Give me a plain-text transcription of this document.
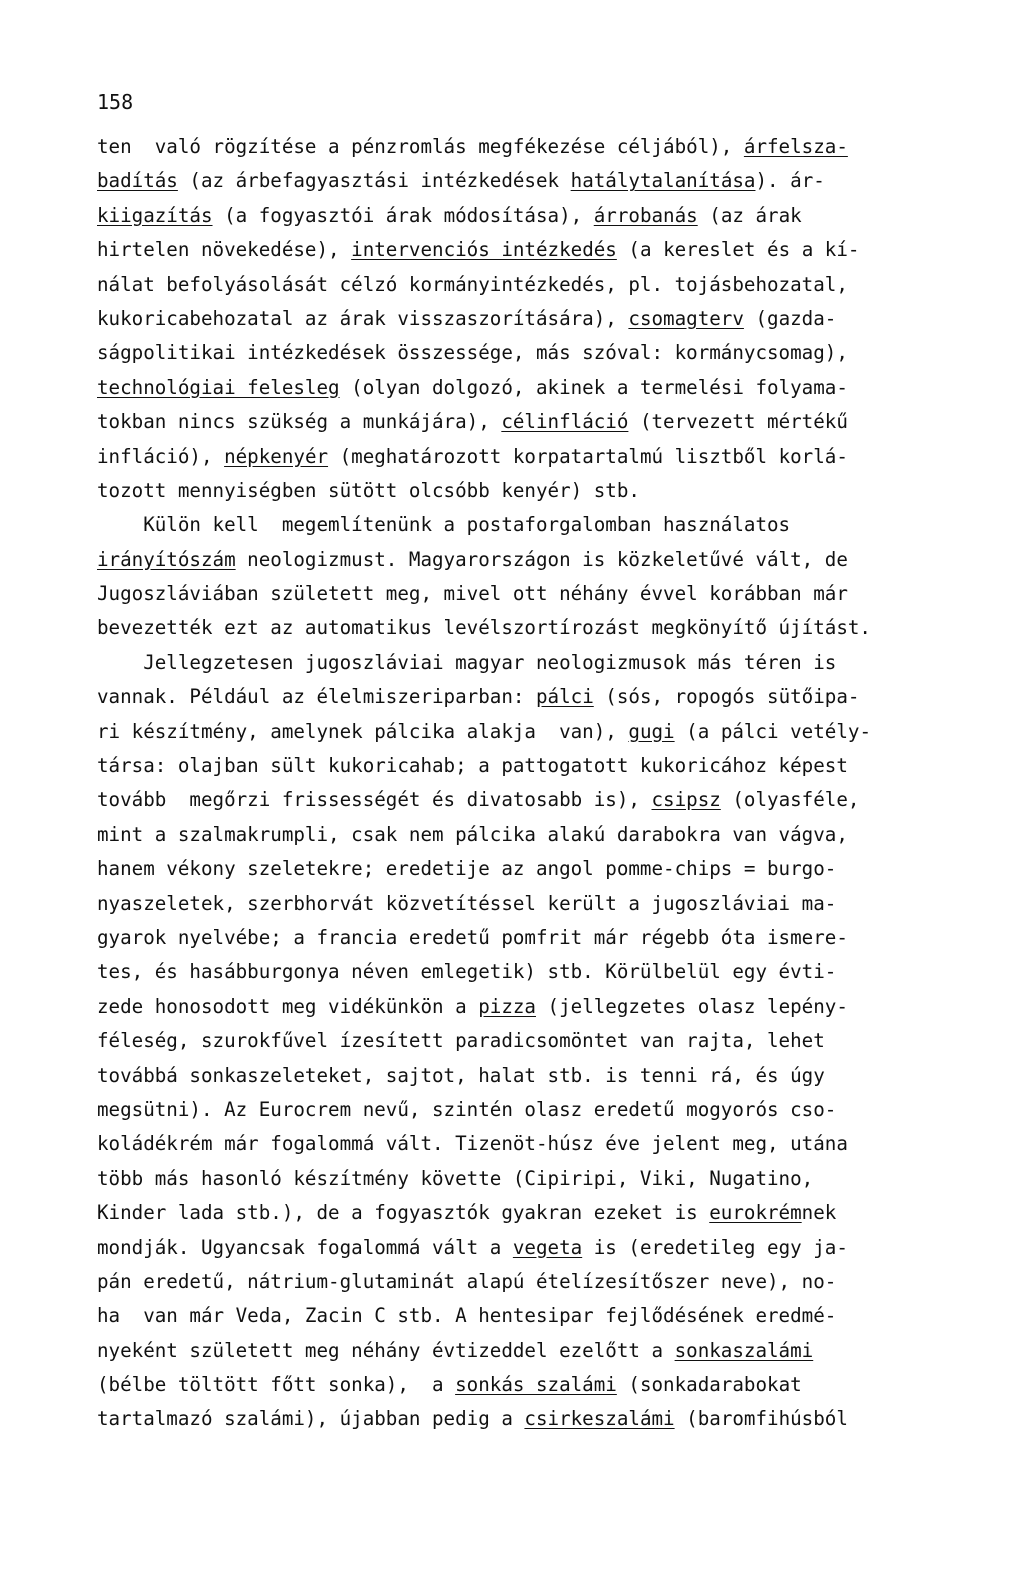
158
ten  való rögzítése a pénzromlás megfékezése céljából), árfelsza-
badítás (az árbefagyasztási intézkedések hatálytalanítása). ár-
kiigazítás (a fogyasztói árak módosítása), árrobanás (az árak
hirtelen növekedése), intervenciós intézkedés (a kereslet és a kí-
nálat befolyásolását célzó kormányintézkedés, pl. tojásbehozatal,
kukoricabehozatal az árak visszaszorítására), csomagterv (gazda-
ságpolitikai intézkedések összessége, más szóval: kormánycsomag),
technológiai felesleg (olyan dolgozó, akinek a termelési folyama-
tokban nincs szükség a munkájára), célinfláció (tervezett mértékű
infláció), népkenyér (meghatározott korpatartalmú lisztből korlá-
tozott mennyiségben sütött olcsóbb kenyér) stb.
Külön kell  megemlítenünk a postaforgalomban használatos
irányítószám neologizmust. Magyarországon is közkeletűvé vált, de
Jugoszláviában született meg, mivel ott néhány évvel korábban már
bevezették ezt az automatikus levélszortírozást megkönyítő újítást.
Jellegzetesen jugoszláviai magyar neologizmusok más téren is
vannak. Például az élelmiszeriparban: pálci (sós, ropogós sütőipa-
ri készítmény, amelynek pálcika alakja  van), gugi (a pálci vetély-
társa: olajban sült kukoricahab; a pattogatott kukoricához képest
tovább  megőrzi frissességét és divatosabb is), csipsz (olyasféle,
mint a szalmakrumpli, csak nem pálcika alakú darabokra van vágva,
hanem vékony szeletekre; eredetije az angol pomme-chips = burgo-
nyaszeletek, szerbhorvát közvetítéssel került a jugoszláviai ma-
gyarok nyelvébe; a francia eredetű pomfrit már régebb óta ismere-
tes, és hasábburgonya néven emlegetik) stb. Körülbelül egy évti-
zede honosodott meg vidékünkön a pizza (jellegzetes olasz lepény-
féleség, szurokfűvel ízesített paradicsomöntet van rajta, lehet
továbbá sonkaszeleteket, sajtot, halat stb. is tenni rá, és úgy
megsütni). Az Eurocrem nevű, szintén olasz eredetű mogyorós cso-
koládékrém már fogalommá vált. Tizenöt-húsz éve jelent meg, utána
több más hasonló készítmény követte (Cipiripi, Viki, Nugatino,
Kinder lada stb.), de a fogyasztók gyakran ezeket is eurokrémnek
mondják. Ugyancsak fogalommá vált a vegeta is (eredetileg egy ja-
pán eredetű, nátrium-glutaminát alapú ételízesítőszer neve), no-
ha  van már Veda, Zacin C stb. A hentesipar fejlődésének eredmé-
nyeként született meg néhány évtizeddel ezelőtt a sonkaszalámi
(bélbe töltött főtt sonka),  a sonkás szalámi (sonkadarabokat
tartalmazó szalámi), újabban pedig a csirkeszalámi (baromfihúsból
